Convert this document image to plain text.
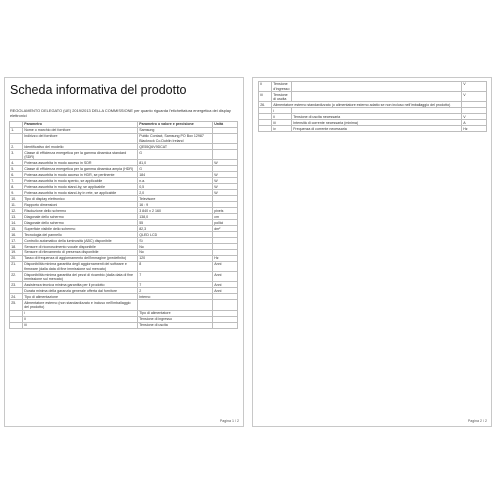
Scheda informativa del prodotto
REGOLAMENTO DELEGATO (UE) 2019/2013 DELLA COMMISSIONE per quanto riguarda l'etichettatura energetica dei display elettronici
	Parametro	Parametro o valore e precisione	Unità
1.	Nome o marchio del fornitore	Samsung	
	Indirizzo del fornitore	Public Contact, Samsung PO Box 12987 Blackrock Co.Dublin Ireland	
2.	Identificativo del modello	QE55Q6V9DCAT	
3.	Classe di efficienza energetica per la gamma dinamica standard (SDR)	G	
4.	Potenza assorbita in modo acceso in SDR	81,0	W
5.	Classe di efficienza energetica per la gamma dinamica ampia (HDR)	G	
6.	Potenza assorbita in modo acceso in HDR, se pertinente	184	W
7.	Potenza assorbita in modo spento, se applicabile	n.a.	W
8.	Potenza assorbita in modo stand-by, se applicabile	0,5	W
9.	Potenza assorbita in modo stand-by in rete, se applicabile	2,0	W
10.	Tipo di display elettronico	Televisore	
11.	Rapporto dimensioni	16 : 9	
12.	Risoluzione dello schermo	3 840 x 2 160	pixels
13.	Diagonale dello schermo	138,0	cm
14.	Diagonale dello schermo	55	pollici
15.	Superficie visibile dello schermo	82,3	dm²
16.	Tecnologia del pannello	QLED LCD	
17.	Controllo automatico della luminosità (ABC) disponibile	Sì	
18.	Sensore di riconoscimento vocale disponibile	No	
19.	Sensore di rilevamento di presenza disponibile	No	
20.	Tasso di frequenza di aggiornamento dell'immagine (predefinito)	120	Hz
21.	Disponibilità minima garantita degli aggiornamenti del software e firmware (dalla data di fine immissione sul mercato)	8	Anni
22.	Disponibilità minima garantita dei pezzi di ricambio (dalla data di fine immissione sul mercato)	7	Anni
23.	Assistenza tecnica minima garantita per il prodotto	7	Anni
	Durata minima della garanzia generale offerta dal fornitore	2	Anni
24.	Tipo di alimentazione	Interno	
25.	Alimentatore esterno (non standardizzato e incluso nell'imballaggio del prodotto)		
	i	Tipo di alimentatore	
	ii	Tensione di ingresso	
	iii	Tensione di uscita	
Pagina 1 / 2
ii	Tensione d'ingresso		V
iii	Tensione di uscita		V
26.	Alimentatore esterno standardizzato (o alimentatore esterno adatto se non incluso nell'imballaggio del prodotto)		
	i		
	ii	Tensione di uscita necessaria	V
	iii	Intensità di corrente necessaria (minima)	A
	iv	Frequenza di corrente necessaria	Hz
Pagina 2 / 2
